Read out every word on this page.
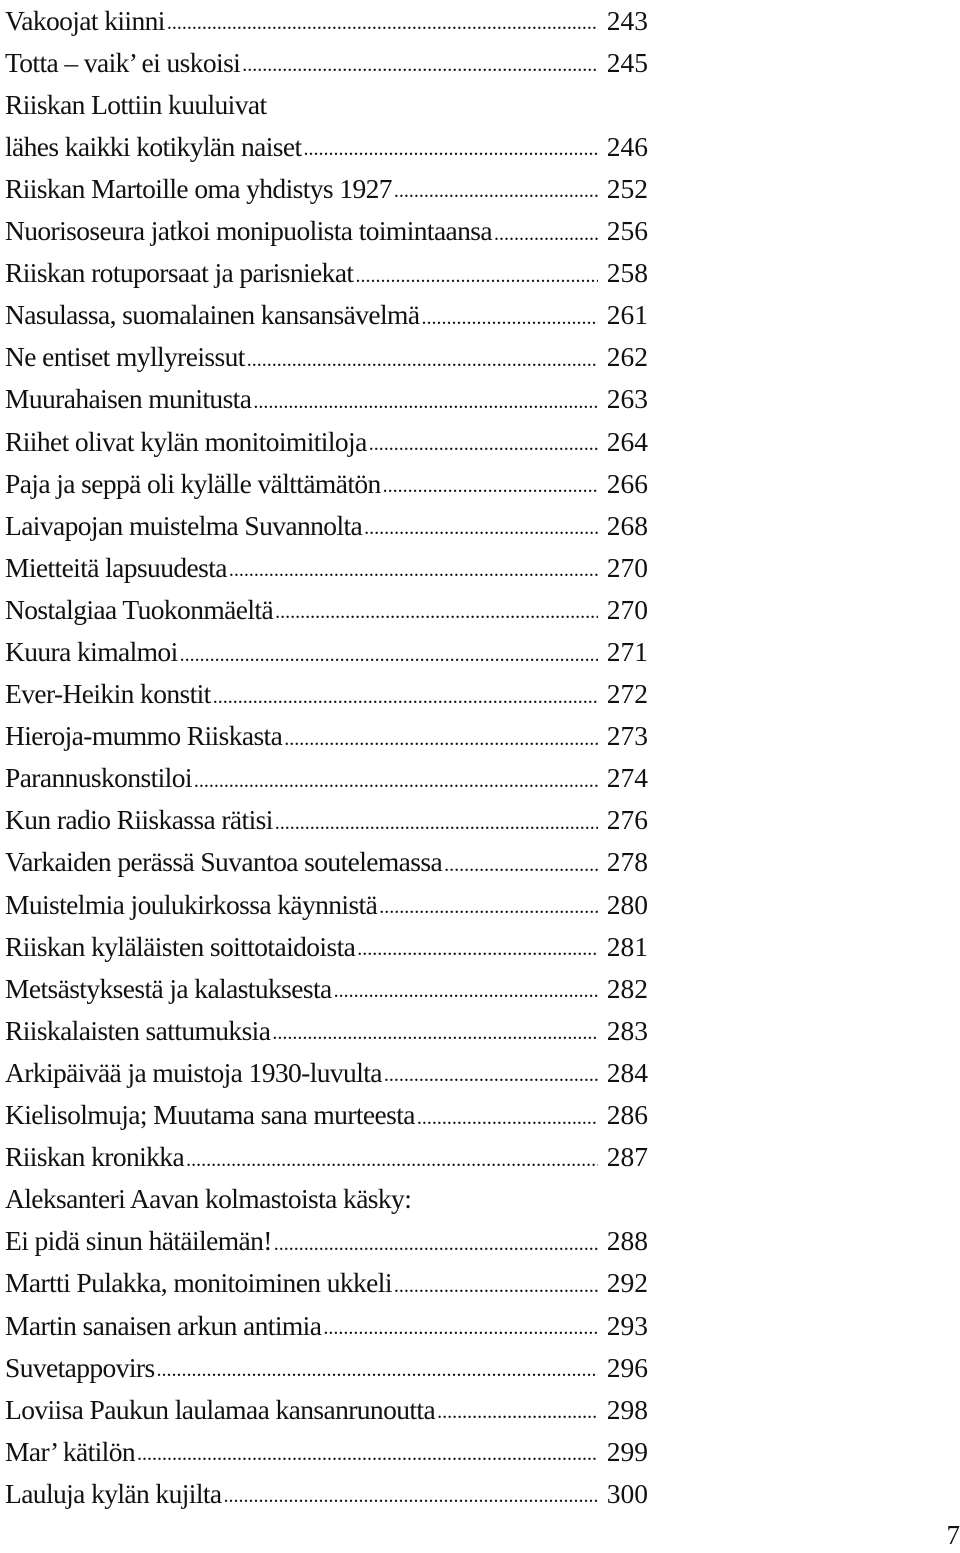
Vakoojat kiinni .....	243
Totta – vaik’ ei uskoisi .....	245
Riiskan Lottiin kuuluivat
lähes kaikki kotikylän naiset .....	246
Riiskan Martoille oma yhdistys 1927 .....	252
Nuorisoseura jatkoi monipuolista toimintaansa .....	256
Riiskan rotuporsaat ja parisniekat .....	258
Nasulassa, suomalainen kansansävelmä .....	261
Ne entiset myllyreissut .....	262
Muurahaisen munitusta .....	263
Riihet olivat kylän monitoimitiloja .....	264
Paja ja seppä oli kylälle välttämätön .....	266
Laivapojan muistelma Suvannolta .....	268
Mietteitä lapsuudesta .....	270
Nostalgiaa Tuokonmäeltä .....	270
Kuura kimalmoi .....	271
Ever-Heikin konstit .....	272
Hieroja-mummo Riiskasta .....	273
Parannuskonstiloi .....	274
Kun radio Riiskassa rätisi .....	276
Varkaiden perässä Suvantoa soutelemassa .....	278
Muistelmia joulukirkossa käynnistä .....	280
Riiskan kyläläisten soittotaidoista .....	281
Metsästyksestä ja kalastuksesta .....	282
Riiskalaisten sattumuksia .....	283
Arkipäivää ja muistoja 1930-luvulta .....	284
Kielisolmuja; Muutama sana murteesta .....	286
Riiskan kronikka .....	287
Aleksanteri Aavan kolmastoista käsky:
Ei pidä sinun hätäilemän! .....	288
Martti Pulakka, monitoiminen ukkeli .....	292
Martin sanaisen arkun antimia .....	293
Suvetappovirs .....	296
Loviisa Paukun laulamaa kansanrunoutta .....	298
Mar’ kätilön .....	299
Lauluja kylän kujilta .....	300
7
